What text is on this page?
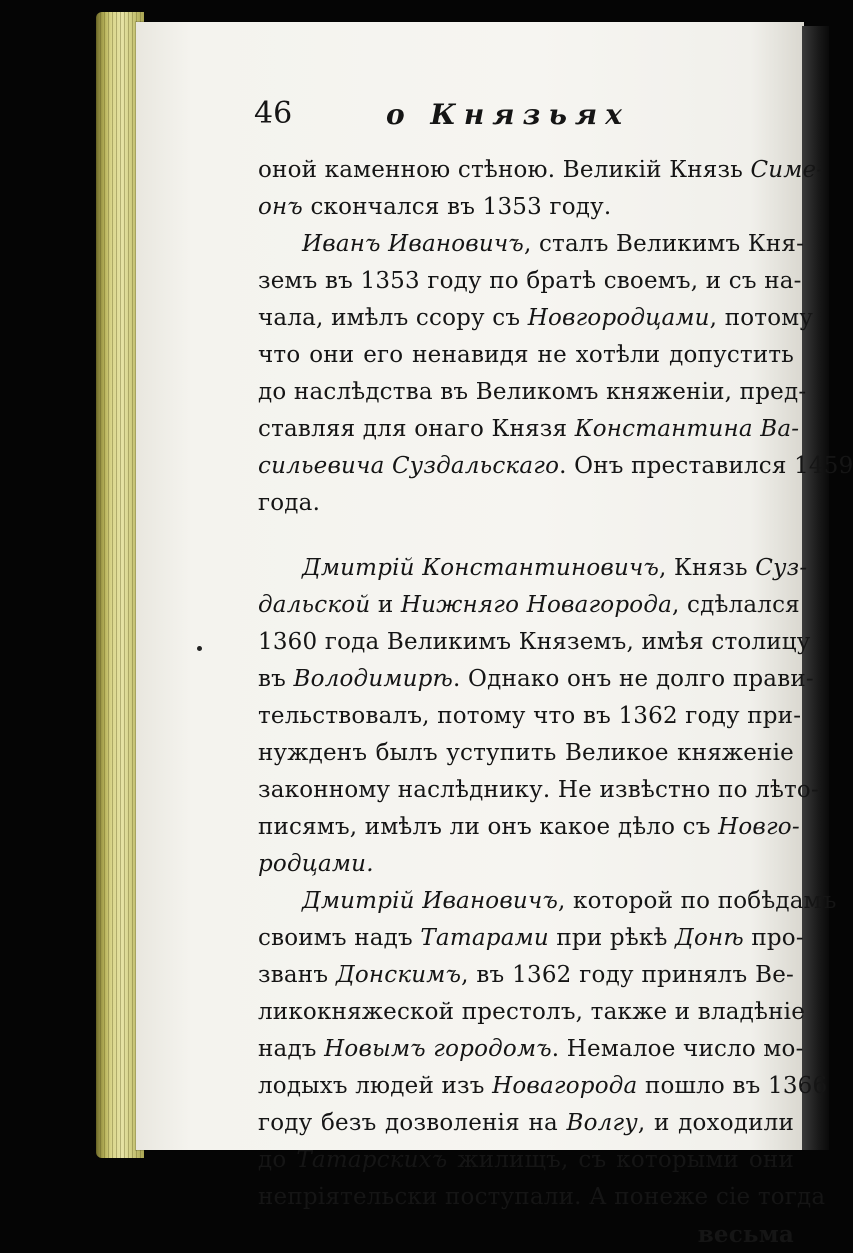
46	о Князьях
оной каменною стѣною. Великій Князь Симе-
онъ скончался въ 1353 году.
Иванъ Ивановичъ, сталъ Великимъ Кня-
земъ въ 1353 году по братѣ своемъ, и съ на-
чала, имѣлъ ссору съ Новгородцами, потому
что они его ненавидя не хотѣли допустить
до наслѣдства въ Великомъ княженіи, пред-
ставляя для онаго Князя Константина Ва-
сильевича Суздальскаго. Онъ преставился 1459
года.
Дмитрій Константиновичъ, Князь Суз-
дальской и Нижняго Новагорода, сдѣлался
1360 года Великимъ Княземъ, имѣя столицу
въ Володимирѣ. Однако онъ не долго прави-
тельствовалъ, потому что въ 1362 году при-
нужденъ былъ уступить Великое княженіе
законному наслѣднику. Не извѣстно по лѣто-
писямъ, имѣлъ ли онъ какое дѣло съ Новго-
родцами.
Дмитрій Ивановичъ, которой по побѣдамъ
своимъ надъ Татарами при рѣкѣ Донѣ про-
званъ Донскимъ, въ 1362 году принялъ Ве-
ликокняжеской престолъ, также и владѣніе
надъ Новымъ городомъ. Немалое число мо-
лодыхъ людей изъ Новагорода пошло въ 1366
году безъ дозволенія на Волгу, и доходили
до Татарскихъ жилищъ, съ которыми они
непріятельски поступали. А понеже сіе тогда
весьма
